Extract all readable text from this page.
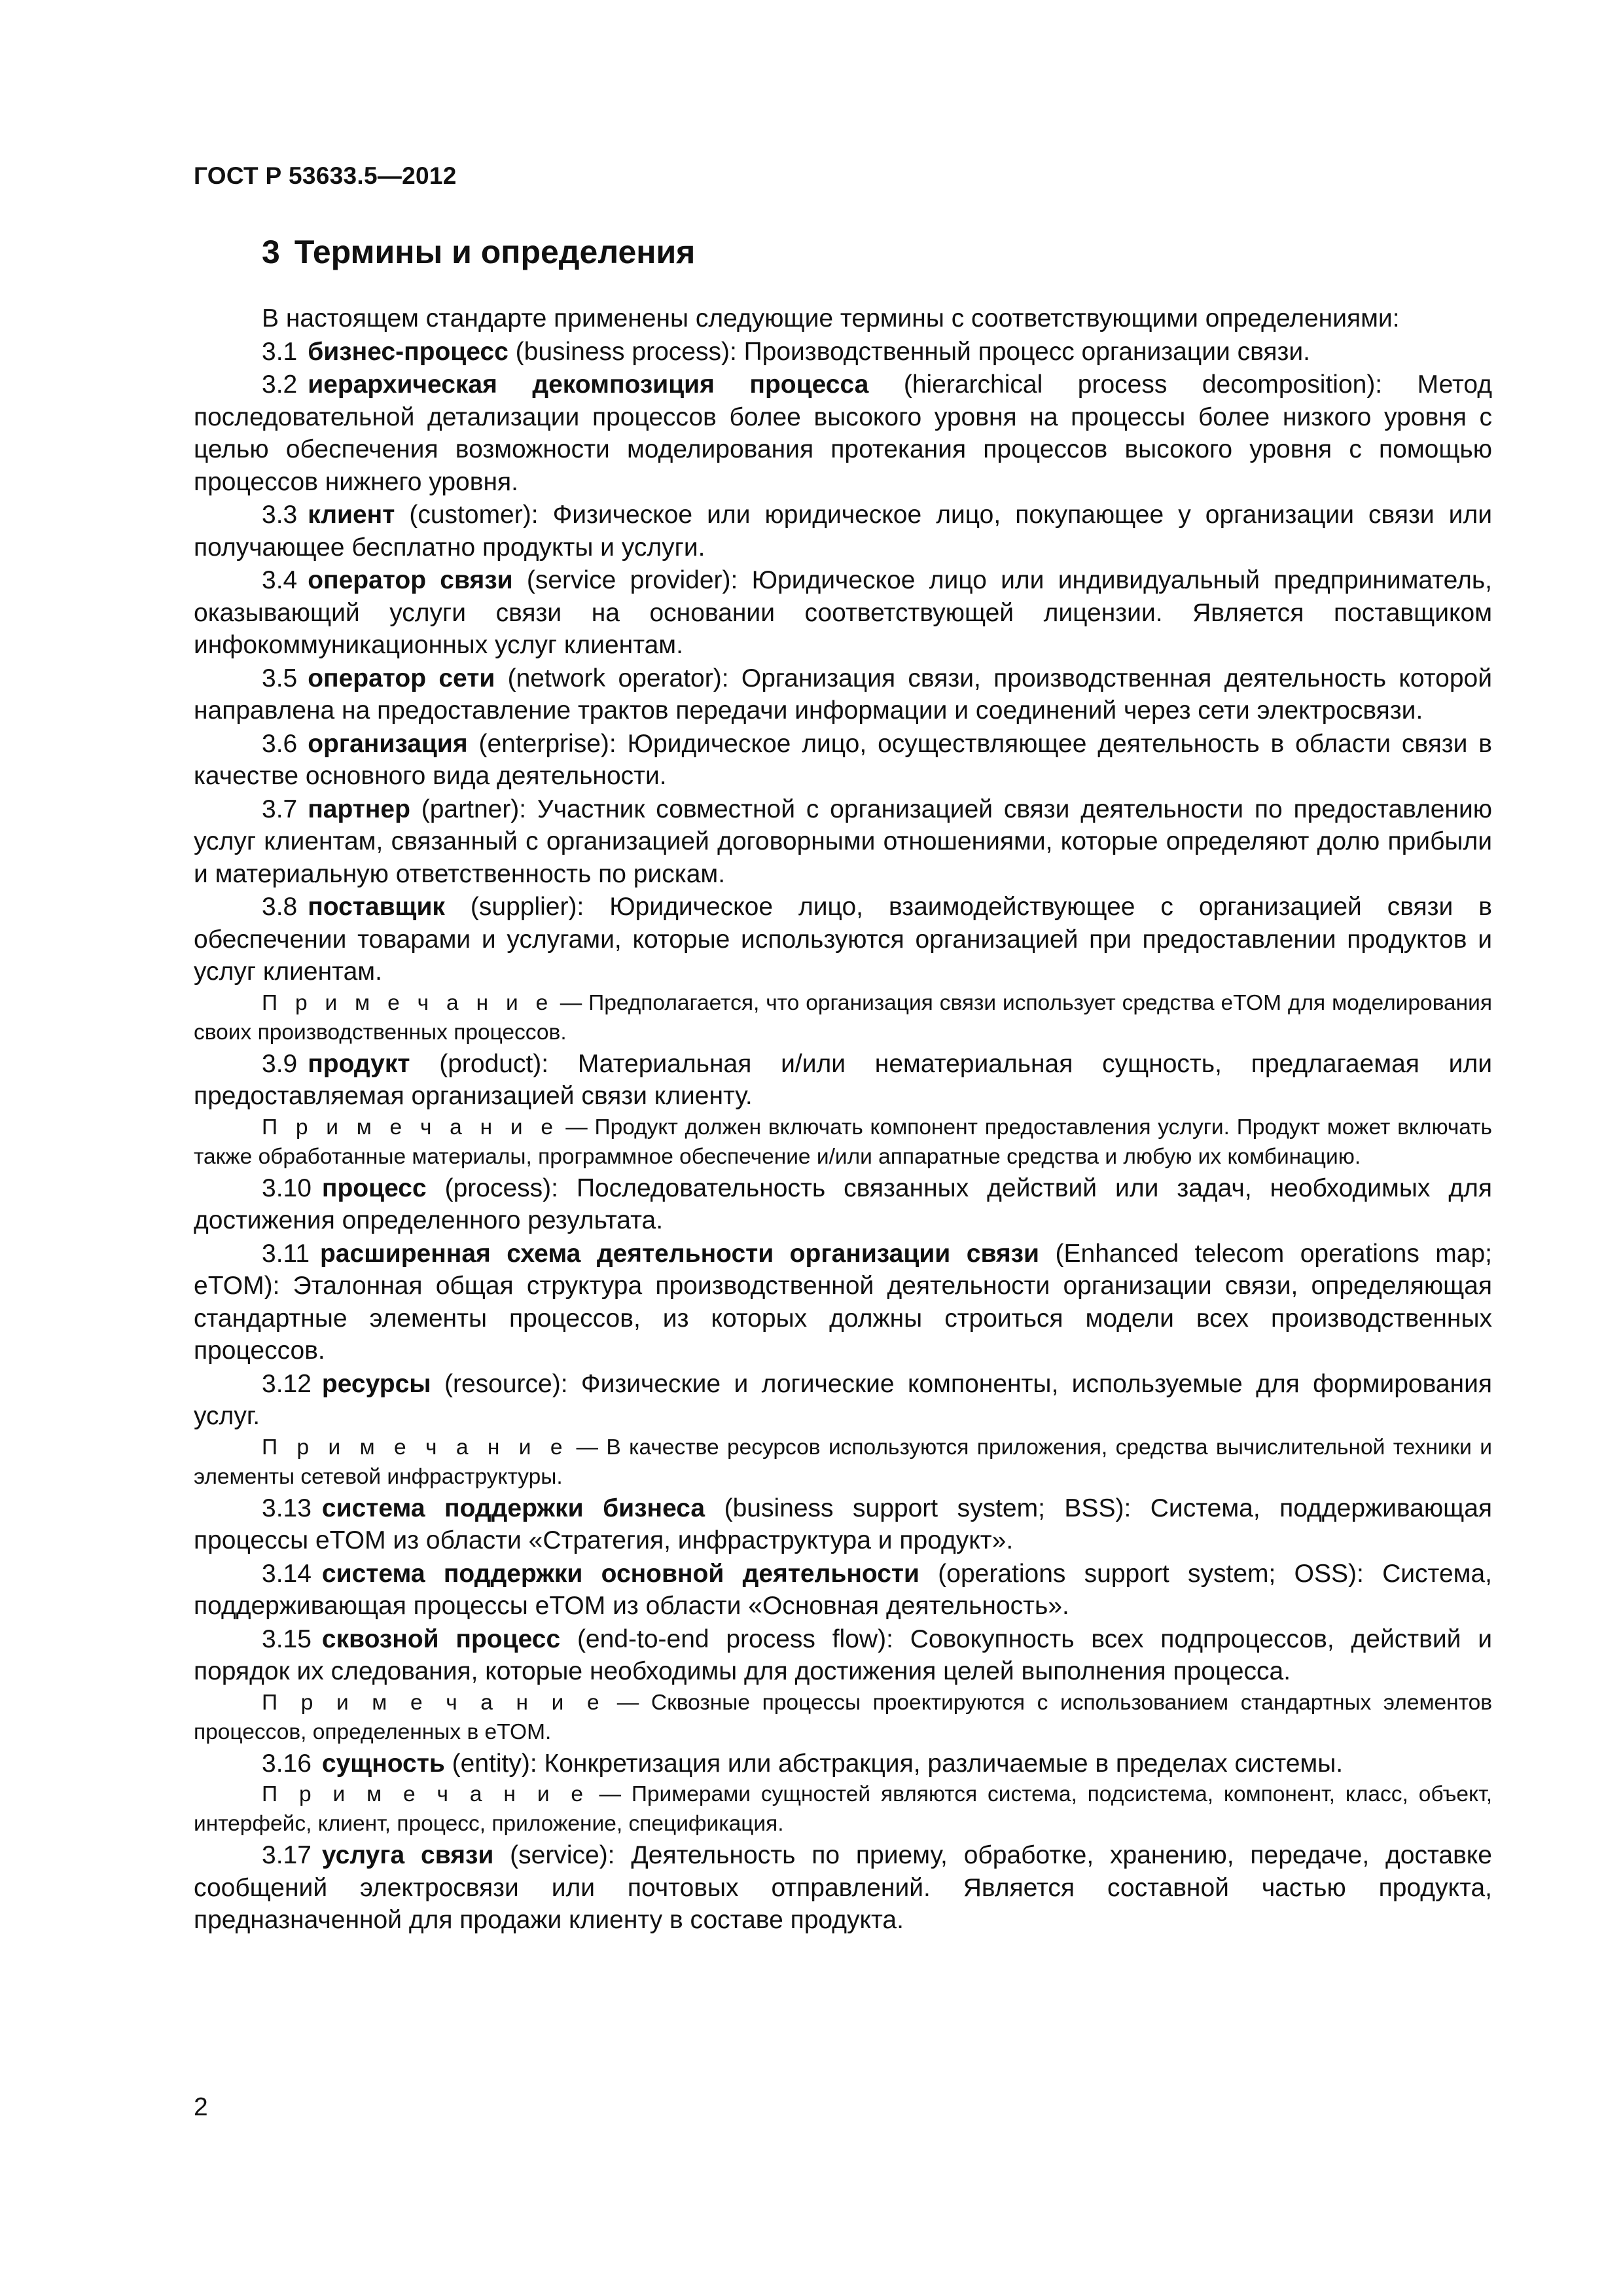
ГОСТ Р 53633.5—2012
3 Термины и определения

В настоящем стандарте применены следующие термины с соответствующими определениями:

3.1 бизнес-процесс (business process): Производственный процесс организации связи.

3.2 иерархическая декомпозиция процесса (hierarchical process decomposition): Метод последовательной детализации процессов более высокого уровня на процессы более низкого уровня с целью обеспечения возможности моделирования протекания процессов высокого уровня с помощью процессов нижнего уровня.

3.3 клиент (customer): Физическое или юридическое лицо, покупающее у организации связи или получающее бесплатно продукты и услуги.

3.4 оператор связи (service provider): Юридическое лицо или индивидуальный предприниматель, оказывающий услуги связи на основании соответствующей лицензии. Является поставщиком инфокоммуникационных услуг клиентам.

3.5 оператор сети (network operator): Организация связи, производственная деятельность которой направлена на предоставление трактов передачи информации и соединений через сети электросвязи.

3.6 организация (enterprise): Юридическое лицо, осуществляющее деятельность в области связи в качестве основного вида деятельности.

3.7 партнер (partner): Участник совместной с организацией связи деятельности по предоставлению услуг клиентам, связанный с организацией договорными отношениями, которые определяют долю прибыли и материальную ответственность по рискам.

3.8 поставщик (supplier): Юридическое лицо, взаимодействующее с организацией связи в обеспечении товарами и услугами, которые используются организацией при предоставлении продуктов и услуг клиентам.

П р и м е ч а н и е — Предполагается, что организация связи использует средства eTOM для моделирования своих производственных процессов.

3.9 продукт (product): Материальная и/или нематериальная сущность, предлагаемая или предоставляемая организацией связи клиенту.

П р и м е ч а н и е — Продукт должен включать компонент предоставления услуги. Продукт может включать также обработанные материалы, программное обеспечение и/или аппаратные средства и любую их комбинацию.

3.10 процесс (process): Последовательность связанных действий или задач, необходимых для достижения определенного результата.

3.11 расширенная схема деятельности организации связи (Enhanced telecom operations map; eTOM): Эталонная общая структура производственной деятельности организации связи, определяющая стандартные элементы процессов, из которых должны строиться модели всех производственных процессов.

3.12 ресурсы (resource): Физические и логические компоненты, используемые для формирования услуг.

П р и м е ч а н и е — В качестве ресурсов используются приложения, средства вычислительной техники и элементы сетевой инфраструктуры.

3.13 система поддержки бизнеса (business support system; BSS): Система, поддерживающая процессы eTOM из области «Стратегия, инфраструктура и продукт».

3.14 система поддержки основной деятельности (operations support system; OSS): Система, поддерживающая процессы eTOM из области «Основная деятельность».

3.15 сквозной процесс (end-to-end process flow): Совокупность всех подпроцессов, действий и порядок их следования, которые необходимы для достижения целей выполнения процесса.

П р и м е ч а н и е — Сквозные процессы проектируются с использованием стандартных элементов процессов, определенных в eTOM.

3.16 сущность (entity): Конкретизация или абстракция, различаемые в пределах системы.

П р и м е ч а н и е — Примерами сущностей являются система, подсистема, компонент, класс, объект, интерфейс, клиент, процесс, приложение, спецификация.

3.17 услуга связи (service): Деятельность по приему, обработке, хранению, передаче, доставке сообщений электросвязи или почтовых отправлений. Является составной частью продукта, предназначенной для продажи клиенту в составе продукта.

2
